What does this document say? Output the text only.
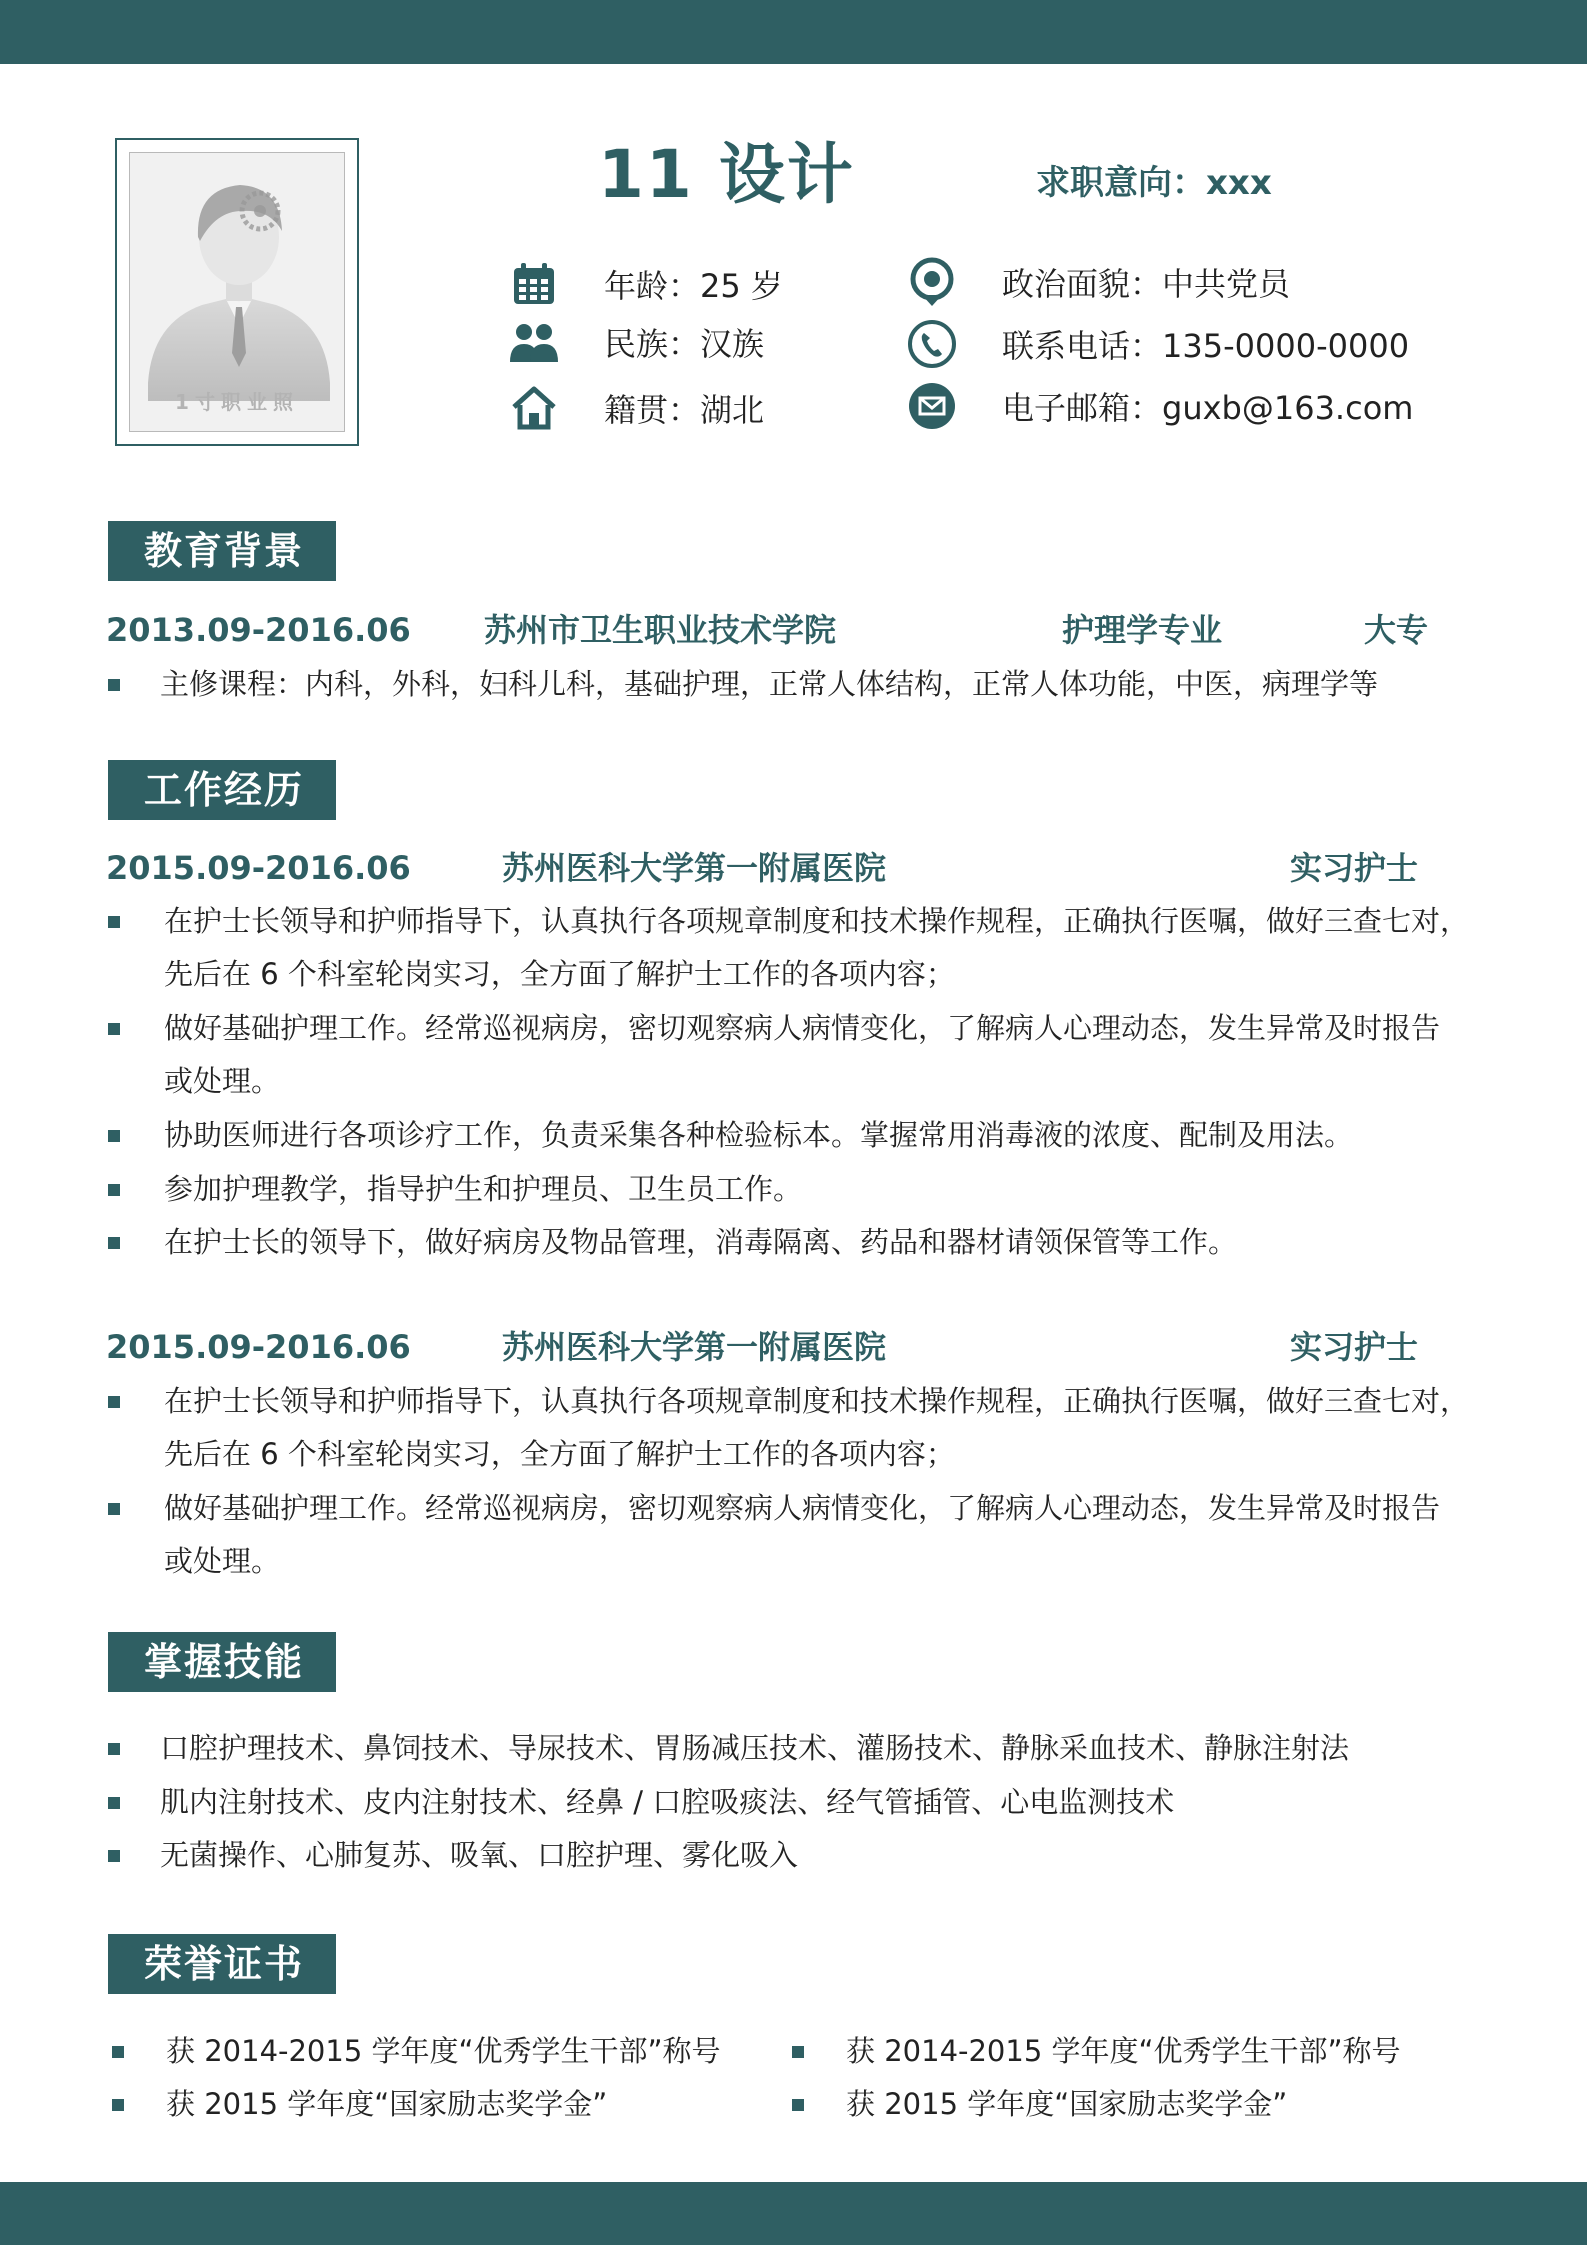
1寸职业照
11 设计	求职意向：xxx
年龄：25 岁
民族：汉族
籍贯：湖北
政治面貌：中共党员
联系电话：135-0000-0000
电子邮箱：guxb@163.com
教育背景
2013.09-2016.06 苏州市卫生职业技术学院	护理学专业	大专
主修课程：内科，外科，妇科儿科，基础护理，正常人体结构，正常人体功能，中医，病理学等
工作经历
2015.09-2016.06	苏州医科大学第一附属医院	实习护士
在护士长领导和护师指导下，认真执行各项规章制度和技术操作规程，正确执行医嘱，做好三查七对，
先后在 6 个科室轮岗实习，全方面了解护士工作的各项内容；
做好基础护理工作。经常巡视病房，密切观察病人病情变化，了解病人心理动态，发生异常及时报告
或处理。
协助医师进行各项诊疗工作，负责采集各种检验标本。掌握常用消毒液的浓度、配制及用法。
参加护理教学，指导护生和护理员、卫生员工作。
在护士长的领导下，做好病房及物品管理，消毒隔离、药品和器材请领保管等工作。
2015.09-2016.06	苏州医科大学第一附属医院	实习护士
在护士长领导和护师指导下，认真执行各项规章制度和技术操作规程，正确执行医嘱，做好三查七对，
先后在 6 个科室轮岗实习，全方面了解护士工作的各项内容；
做好基础护理工作。经常巡视病房，密切观察病人病情变化，了解病人心理动态，发生异常及时报告
或处理。
掌握技能
口腔护理技术、鼻饲技术、导尿技术、胃肠减压技术、灌肠技术、静脉采血技术、静脉注射法
肌内注射技术、皮内注射技术、经鼻 / 口腔吸痰法、经气管插管、心电监测技术
无菌操作、心肺复苏、吸氧、口腔护理、雾化吸入
荣誉证书
获 2014-2015 学年度“优秀学生干部”称号	获 2014-2015 学年度“优秀学生干部”称号
获 2015 学年度“国家励志奖学金”	获 2015 学年度“国家励志奖学金”
